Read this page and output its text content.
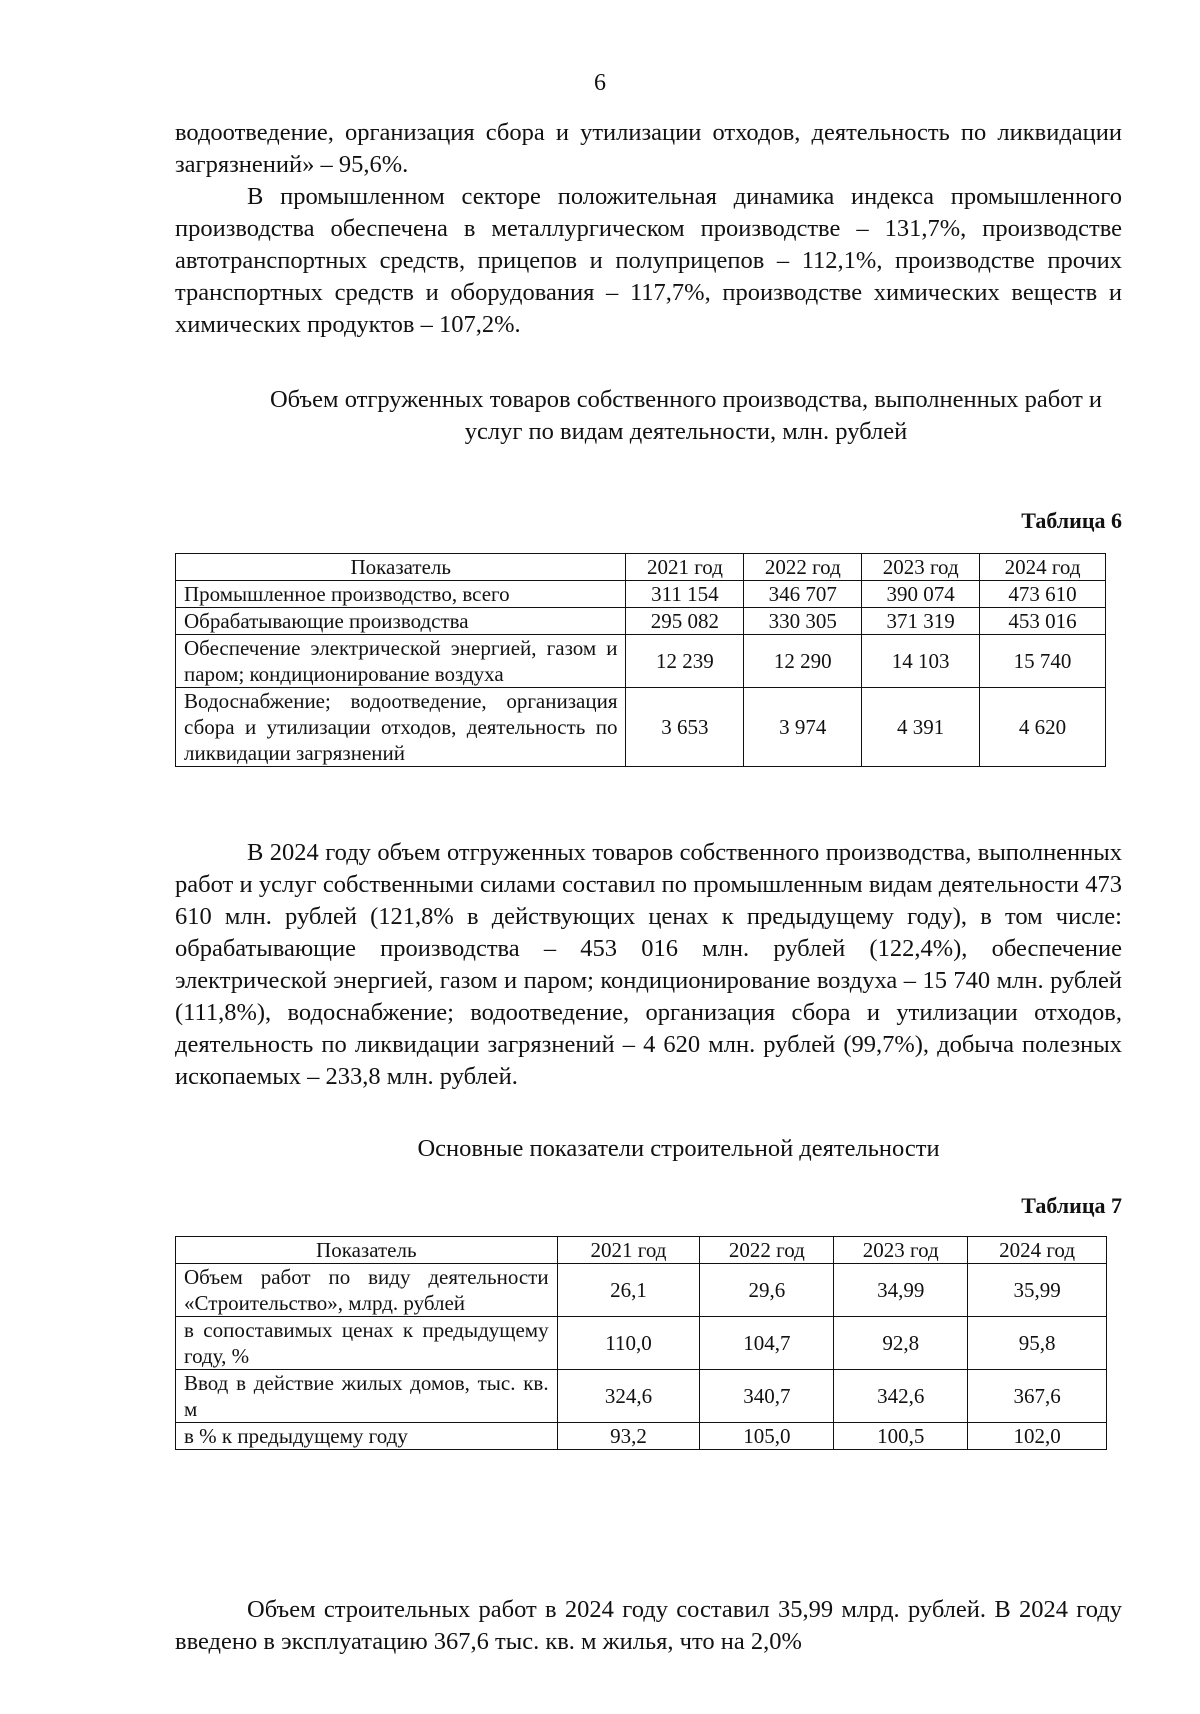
6
водоотведение, организация сбора и утилизации отходов, деятельность по ликвидации загрязнений» – 95,6%.
В промышленном секторе положительная динамика индекса промышленного производства обеспечена в металлургическом производстве – 131,7%, производстве автотранспортных средств, прицепов и полуприцепов – 112,1%, производстве прочих транспортных средств и оборудования – 117,7%, производстве химических веществ и химических продуктов – 107,2%.
Объем отгруженных товаров собственного производства, выполненных работ и услуг по видам деятельности, млн. рублей
Таблица 6
Показатель	2021 год	2022 год	2023 год	2024 год
Промышленное производство, всего	311 154	346 707	390 074	473 610
Обрабатывающие производства	295 082	330 305	371 319	453 016
Обеспечение электрической энергией, газом и паром; кондиционирование воздуха	12 239	12 290	14 103	15 740
Водоснабжение; водоотведение, организация сбора и утилизации отходов, деятельность по ликвидации загрязнений	3 653	3 974	4 391	4 620
В 2024 году объем отгруженных товаров собственного производства, выполненных работ и услуг собственными силами составил по промышленным видам деятельности 473 610 млн. рублей (121,8% в действующих ценах к предыдущему году), в том числе: обрабатывающие производства – 453 016 млн. рублей (122,4%), обеспечение электрической энергией, газом и паром; кондиционирование воздуха – 15 740 млн. рублей (111,8%), водоснабжение; водоотведение, организация сбора и утилизации отходов, деятельность по ликвидации загрязнений – 4 620 млн. рублей (99,7%), добыча полезных ископаемых – 233,8 млн. рублей.
Основные показатели строительной деятельности
Таблица 7
Показатель	2021 год	2022 год	2023 год	2024 год
Объем работ по виду деятельности «Строительство», млрд. рублей	26,1	29,6	34,99	35,99
в сопоставимых ценах к предыдущему году, %	110,0	104,7	92,8	95,8
Ввод в действие жилых домов, тыс. кв. м	324,6	340,7	342,6	367,6
в % к предыдущему году	93,2	105,0	100,5	102,0
Объем строительных работ в 2024 году составил 35,99 млрд. рублей. В 2024 году введено в эксплуатацию 367,6 тыс. кв. м жилья, что на 2,0%
